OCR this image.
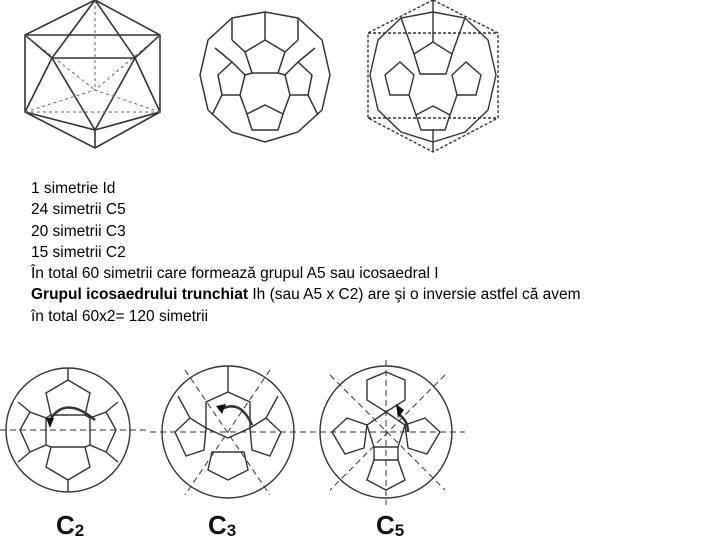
1 simetrie Id
24 simetrii C5
20 simetrii C3
15 simetrii C2
În total 60 simetrii care formează grupul A5 sau icosaedral I
Grupul icosaedrului trunchiat Ih (sau A5 x C2) are şi o inversie astfel că avem
în total 60x2= 120 simetrii
$C_2$	$C_3$	$C_5$
